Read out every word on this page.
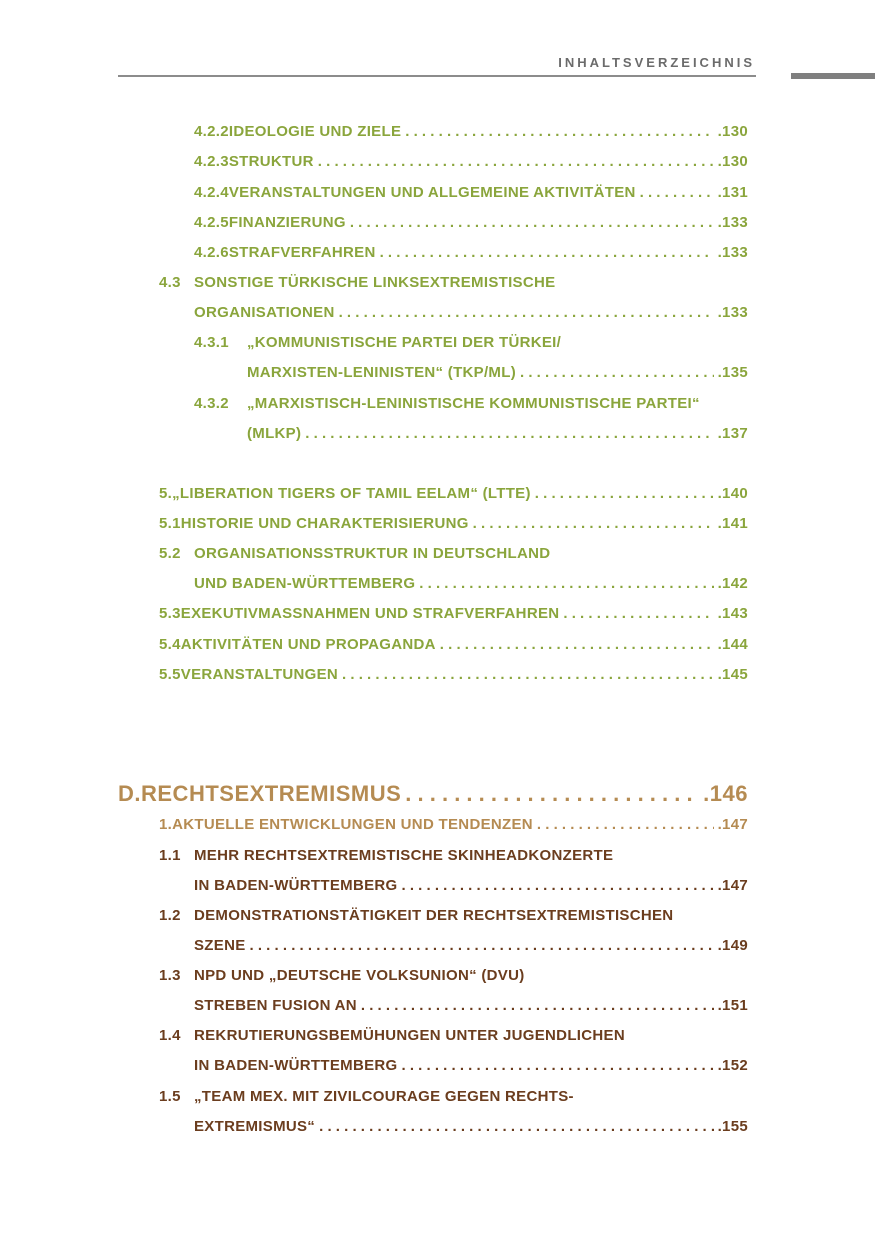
INHALTSVERZEICHNIS
4.2.2 IDEOLOGIE UND ZIELE . . .	.130
4.2.3 STRUKTUR . . .	.130
4.2.4 VERANSTALTUNGEN UND ALLGEMEINE AKTIVITÄTEN . . .	.131
4.2.5 FINANZIERUNG . . .	.133
4.2.6 STRAFVERFAHREN . . .	.133
4.3 SONSTIGE TÜRKISCHE LINKSEXTREMISTISCHE
ORGANISATIONEN . . .	.133
4.3.1	„KOMMUNISTISCHE PARTEI DER TÜRKEI/
MARXISTEN-LENINISTEN“ (TKP/ML) . . .	.135
4.3.2	„MARXISTISCH-LENINISTISCHE KOMMUNISTISCHE PARTEI“
(MLKP) . . .	.137
5. „LIBERATION TIGERS OF TAMIL EELAM“ (LTTE) . . .	.140
5.1 HISTORIE UND CHARAKTERISIERUNG . . .	.141
5.2 ORGANISATIONSSTRUKTUR IN DEUTSCHLAND
UND BADEN-WÜRTTEMBERG . . .	.142
5.3 EXEKUTIVMASSNAHMEN UND STRAFVERFAHREN . . .	.143
5.4 AKTIVITÄTEN UND PROPAGANDA . . .	.144
5.5 VERANSTALTUNGEN . . .	.145
D. RECHTSEXTREMISMUS . . .	.146
1. AKTUELLE ENTWICKLUNGEN UND TENDENZEN . . .	.147
1.1 MEHR RECHTSEXTREMISTISCHE SKINHEADKONZERTE
IN BADEN-WÜRTTEMBERG . . .	.147
1.2 DEMONSTRATIONSTÄTIGKEIT DER RECHTSEXTREMISTISCHEN
SZENE . . .	.149
1.3 NPD UND „DEUTSCHE VOLKSUNION“ (DVU)
STREBEN FUSION AN . . .	.151
1.4 REKRUTIERUNGSBEMÜHUNGEN UNTER JUGENDLICHEN
IN BADEN-WÜRTTEMBERG . . .	.152
1.5 „TEAM MEX. MIT ZIVILCOURAGE GEGEN RECHTS-
EXTREMISMUS“ . . .	.155
